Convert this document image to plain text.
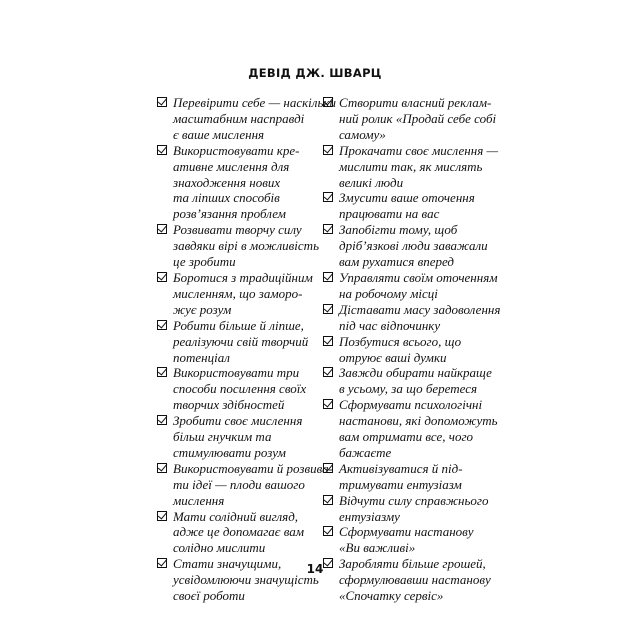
ДЕВІД ДЖ. ШВАРЦ
Перевірити себе — наскільки
масштабним насправді
є ваше мислення
Використовувати кре-
ативне мислення для
знаходження нових
та ліпших способів
розв’язання проблем
Розвивати творчу силу
завдяки вірі в можливість
це зробити
Боротися з традиційним
мисленням, що заморо-
жує розум
Робити більше й ліпше,
реалізуючи свій творчий
потенціал
Використовувати три
способи посилення своїх
творчих здібностей
Зробити своє мислення
більш гнучким та
стимулювати розум
Використовувати й розвива-
ти ідеї — плоди вашого
мислення
Мати солідний вигляд,
адже це допомагає вам
солідно мислити
Стати значущими,
усвідомлюючи значущість
своєї роботи
Створити власний реклам-
ний ролик «Продай себе собі
самому»
Прокачати своє мислення —
мислити так, як мислять
великі люди
Змусити ваше оточення
працювати на вас
Запобігти тому, щоб
дріб’язкові люди заважали
вам рухатися вперед
Управляти своїм оточенням
на робочому місці
Діставати масу задоволення
під час відпочинку
Позбутися всього, що
отруює ваші думки
Завжди обирати найкраще
в усьому, за що беретеся
Сформувати психологічні
настанови, які допоможуть
вам отримати все, чого
бажаєте
Активізуватися й під-
тримувати ентузіазм
Відчути силу справжнього
ентузіазму
Сформувати настанову
«Ви важливі»
Заробляти більше грошей,
сформулювавши настанову
«Спочатку сервіс»
14
